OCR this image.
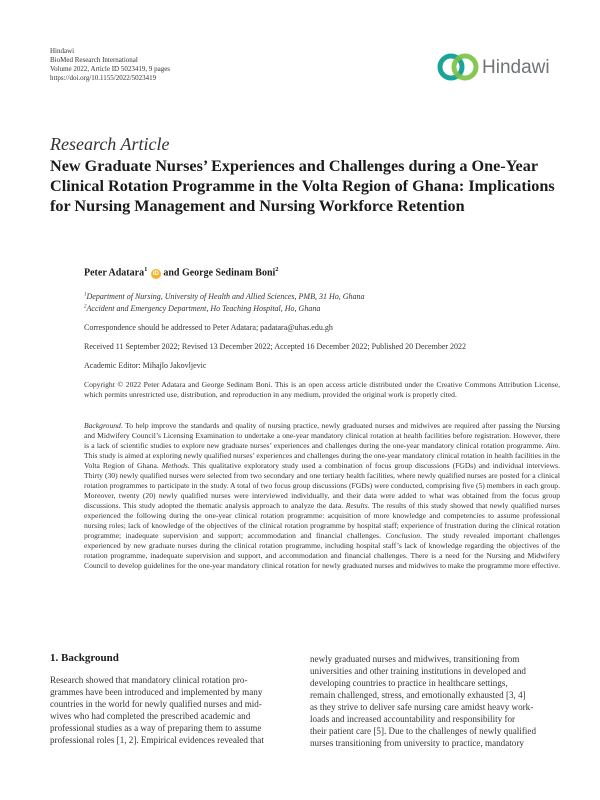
Hindawi
BioMed Research International
Volume 2022, Article ID 5023419, 9 pages
https://doi.org/10.1155/2022/5023419	Hindawi
Research Article
New Graduate Nurses’ Experiences and Challenges during a One-Year Clinical Rotation Programme in the Volta Region of Ghana: Implications for Nursing Management and Nursing Workforce Retention
Peter Adatara$^1$ iD and George Sedinam Boni$^2$
$^1$Department of Nursing, University of Health and Allied Sciences, PMB, 31 Ho, Ghana
$^2$Accident and Emergency Department, Ho Teaching Hospital, Ho, Ghana
Correspondence should be addressed to Peter Adatara; padatara@uhas.edu.gh
Received 11 September 2022; Revised 13 December 2022; Accepted 16 December 2022; Published 20 December 2022
Academic Editor: Mihajlo Jakovljevic

Copyright © 2022 Peter Adatara and George Sedinam Boni. This is an open access article distributed under the Creative Commons Attribution License, which permits unrestricted use, distribution, and reproduction in any medium, provided the original work is properly cited.

Background. To help improve the standards and quality of nursing practice, newly graduated nurses and midwives are required after passing the Nursing and Midwifery Council’s Licensing Examination to undertake a one-year mandatory clinical rotation at health facilities before registration. However, there is a lack of scientific studies to explore new graduate nurses’ experiences and challenges during the one-year mandatory clinical rotation programme. Aim. This study is aimed at exploring newly qualified nurses’ experiences and challenges during the one-year mandatory clinical rotation in health facilities in the Volta Region of Ghana. Methods. This qualitative exploratory study used a combination of focus group discussions (FGDs) and individual interviews. Thirty (30) newly qualified nurses were selected from two secondary and one tertiary health facilities, where newly qualified nurses are posted for a clinical rotation programmes to participate in the study. A total of two focus group discussions (FGDs) were conducted, comprising five (5) members in each group. Moreover, twenty (20) newly qualified nurses were interviewed individually, and their data were added to what was obtained from the focus group discussions. This study adopted the thematic analysis approach to analyze the data. Results. The results of this study showed that newly qualified nurses experienced the following during the one-year clinical rotation programme: acquisition of more knowledge and competencies to assume professional nursing roles; lack of knowledge of the objectives of the clinical rotation programme by hospital staff; experience of frustration during the clinical rotation programme; inadequate supervision and support; accommodation and financial challenges. Conclusion. The study revealed important challenges experienced by new graduate nurses during the clinical rotation programme, including hospital staff’s lack of knowledge regarding the objectives of the rotation programme, inadequate supervision and support, and accommodation and financial challenges. There is a need for the Nursing and Midwifery Council to develop guidelines for the one-year mandatory clinical rotation for newly graduated nurses and midwives to make the programme more effective.

1. Background
Research showed that mandatory clinical rotation pro-
grammes have been introduced and implemented by many
countries in the world for newly qualified nurses and mid-
wives who had completed the prescribed academic and
professional studies as a way of preparing them to assume
professional roles [1, 2]. Empirical evidences revealed that
newly graduated nurses and midwives, transitioning from
universities and other training institutions in developed and
developing countries to practice in healthcare settings,
remain challenged, stress, and emotionally exhausted [3, 4]
as they strive to deliver safe nursing care amidst heavy work-
loads and increased accountability and responsibility for
their patient care [5]. Due to the challenges of newly qualified
nurses transitioning from university to practice, mandatory
